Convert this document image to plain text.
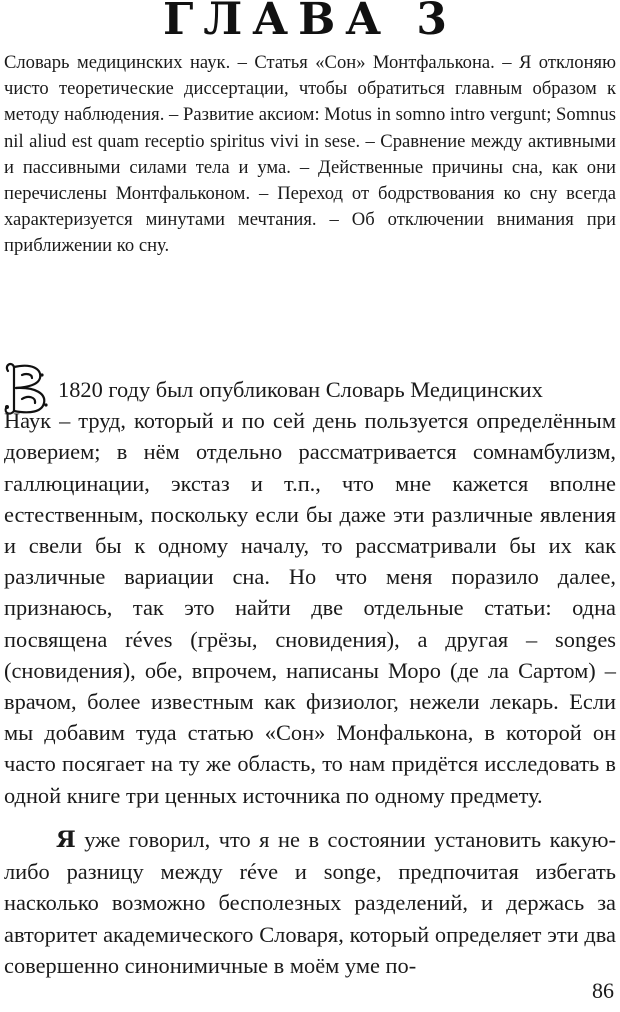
ГЛАВА 3

Словарь медицинских наук. – Статья «Сон» Монтфалькона. – Я отклоняю чисто теоретические диссертации, чтобы обратиться главным образом к методу наблюдения. – Развитие аксиом: Motus in somno intro vergunt; Somnus nil aliud est quam receptio spiritus vivi in sese. – Сравнение между активными и пассивными силами тела и ума. – Действенные причины сна, как они перечислены Монтфальконом. – Переход от бодрствования ко сну всегда характеризуется минутами мечтания. – Об отключении внимания при приближении ко сну.

1820 году был опубликован Словарь Медицинских
Наук – труд, который и по сей день пользуется определённым доверием; в нём отдельно рассматривается сомнамбулизм, галлюцинации, экстаз и т.п., что мне кажется вполне естественным, поскольку если бы даже эти различные явления и свели бы к одному началу, то рассматривали бы их как различные вариации сна. Но что меня поразило далее, признаюсь, так это найти две отдельные статьи: одна посвящена réves (грёзы, сновидения), а другая – songes (сновидения), обе, впрочем, написаны Моро (де ла Сартом) – врачом, более известным как физиолог, нежели лекарь. Если мы добавим туда статью «Сон» Монфалькона, в которой он часто посягает на ту же область, то нам придётся исследовать в одной книге три ценных источника по одному предмету.

Я уже говорил, что я не в состоянии установить какую-либо разницу между réve и songe, предпочитая избегать насколько возможно бесполезных разделений, и держась за авторитет академического Словаря, который определяет эти два совершенно синонимичные в моём уме по-

86
